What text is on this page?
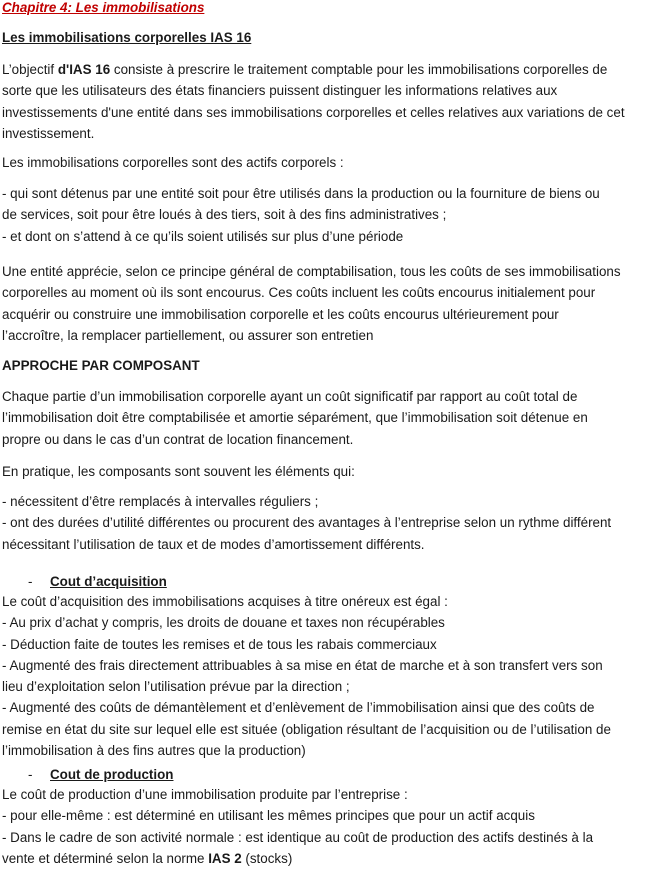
Chapitre 4: Les immobilisations
Les immobilisations corporelles IAS 16
L’objectif d'IAS 16 consiste à prescrire le traitement comptable pour les immobilisations corporelles de
sorte que les utilisateurs des états financiers puissent distinguer les informations relatives aux
investissements d'une entité dans ses immobilisations corporelles et celles relatives aux variations de cet
investissement.
Les immobilisations corporelles sont des actifs corporels :
- qui sont détenus par une entité soit pour être utilisés dans la production ou la fourniture de biens ou
de services, soit pour être loués à des tiers, soit à des fins administratives ;
- et dont on s’attend à ce qu’ils soient utilisés sur plus d’une période
Une entité apprécie, selon ce principe général de comptabilisation, tous les coûts de ses immobilisations
corporelles au moment où ils sont encourus. Ces coûts incluent les coûts encourus initialement pour
acquérir ou construire une immobilisation corporelle et les coûts encourus ultérieurement pour
l’accroître, la remplacer partiellement, ou assurer son entretien
APPROCHE PAR COMPOSANT
Chaque partie d’un immobilisation corporelle ayant un coût significatif par rapport au coût total de
l’immobilisation doit être comptabilisée et amortie séparément, que l’immobilisation soit détenue en
propre ou dans le cas d’un contrat de location financement.
En pratique, les composants sont souvent les éléments qui:
- nécessitent d’être remplacés à intervalles réguliers ;
- ont des durées d’utilité différentes ou procurent des avantages à l’entreprise selon un rythme différent
nécessitant l’utilisation de taux et de modes d’amortissement différents.
- Cout d’acquisition
Le coût d’acquisition des immobilisations acquises à titre onéreux est égal :
- Au prix d’achat y compris, les droits de douane et taxes non récupérables
- Déduction faite de toutes les remises et de tous les rabais commerciaux
- Augmenté des frais directement attribuables à sa mise en état de marche et à son transfert vers son
lieu d’exploitation selon l’utilisation prévue par la direction ;
- Augmenté des coûts de démantèlement et d’enlèvement de l’immobilisation ainsi que des coûts de
remise en état du site sur lequel elle est située (obligation résultant de l’acquisition ou de l’utilisation de
l’immobilisation à des fins autres que la production)
- Cout de production
Le coût de production d’une immobilisation produite par l’entreprise :
- pour elle-même : est déterminé en utilisant les mêmes principes que pour un actif acquis
- Dans le cadre de son activité normale : est identique au coût de production des actifs destinés à la
vente et déterminé selon la norme IAS 2 (stocks)
